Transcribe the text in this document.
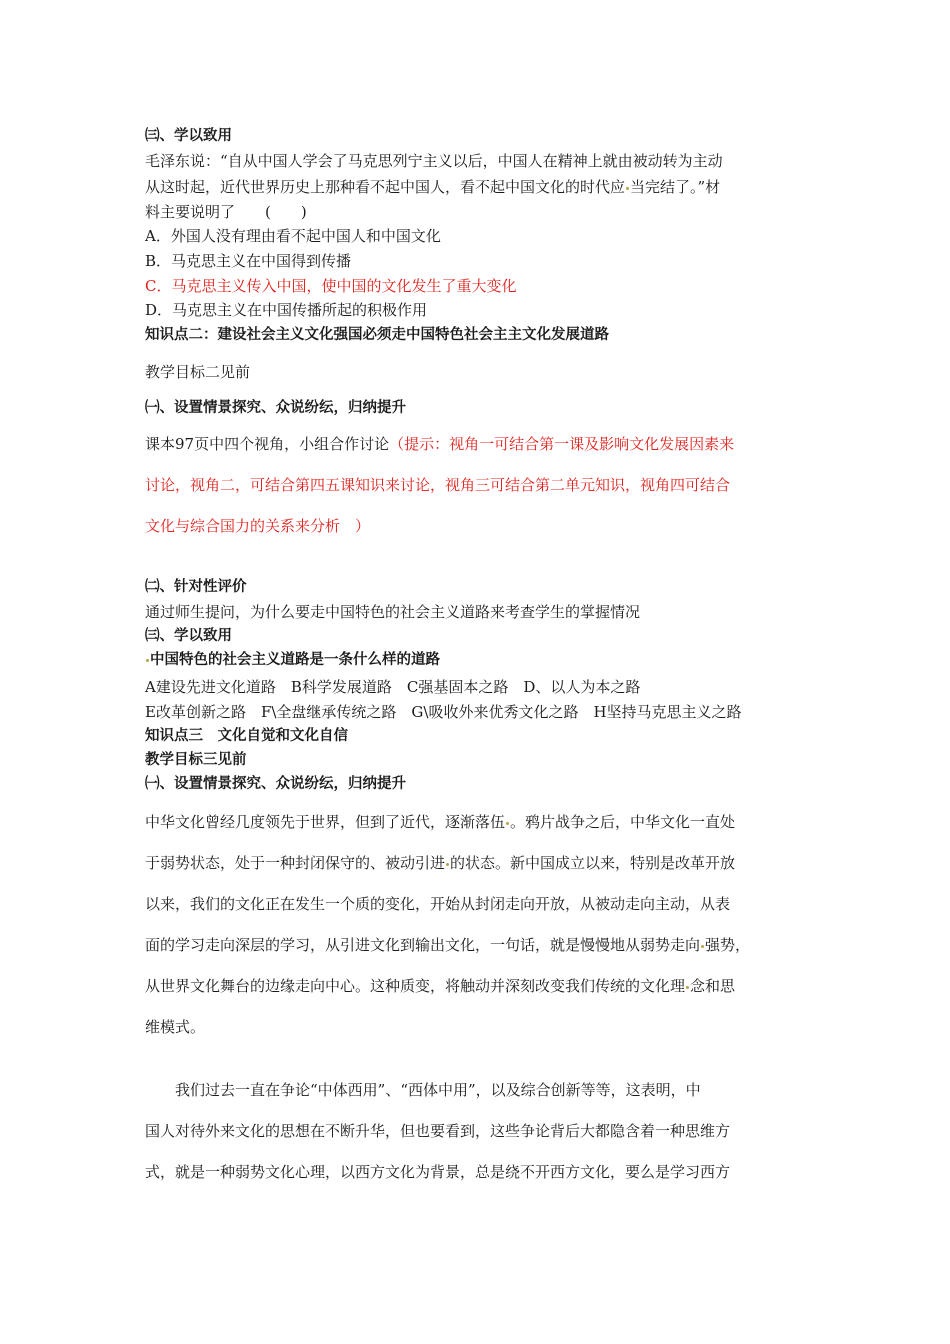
㈢、学以致用
毛泽东说：“自从中国人学会了马克思列宁主义以后，中国人在精神上就由被动转为主动
从这时起，近代世界历史上那种看不起中国人，看不起中国文化的时代应 当完结了。”材
料主要说明了　　(　　)
A．外国人没有理由看不起中国人和中国文化
B．马克思主义在中国得到传播
C．马克思主义传入中国，使中国的文化发生了重大变化
D．马克思主义在中国传播所起的积极作用
知识点二：建设社会主义文化强国必须走中国特色社会主主文化发展道路
教学目标二见前
㈠、设置情景探究、众说纷纭，归纳提升
课本97页中四个视角，小组合作讨论（提示：视角一可结合第一课及影响文化发展因素来
讨论，视角二，可结合第四五课知识来讨论，视角三可结合第二单元知识，视角四可结合
文化与综合国力的关系来分析　）
㈡、针对性评价
通过师生提问，为什么要走中国特色的社会主义道路来考查学生的掌握情况
㈢、学以致用
中国特色的社会主义道路是一条什么样的道路
A建设先进文化道路　B科学发展道路　C强基固本之路　D、以人为本之路
E改革创新之路　F\全盘继承传统之路　G\吸收外来优秀文化之路　H坚持马克思主义之路
知识点三　文化自觉和文化自信
教学目标三见前
㈠、设置情景探究、众说纷纭，归纳提升
中华文化曾经几度领先于世界，但到了近代，逐渐落伍 。鸦片战争之后，中华文化一直处
于弱势状态，处于一种封闭保守的、被动引进 的状态。新中国成立以来，特别是改革开放
以来，我们的文化正在发生一个质的变化，开始从封闭走向开放，从被动走向主动，从表
面的学习走向深层的学习，从引进文化到输出文化，一句话，就是慢慢地从弱势走向 强势，
从世界文化舞台的边缘走向中心。这种质变，将触动并深刻改变我们传统的文化理 念和思
维模式。
我们过去一直在争论“中体西用”、“西体中用”，以及综合创新等等，这表明，中
国人对待外来文化的思想在不断升华，但也要看到，这些争论背后大都隐含着一种思维方
式，就是一种弱势文化心理，以西方文化为背景，总是绕不开西方文化，要么是学习西方
